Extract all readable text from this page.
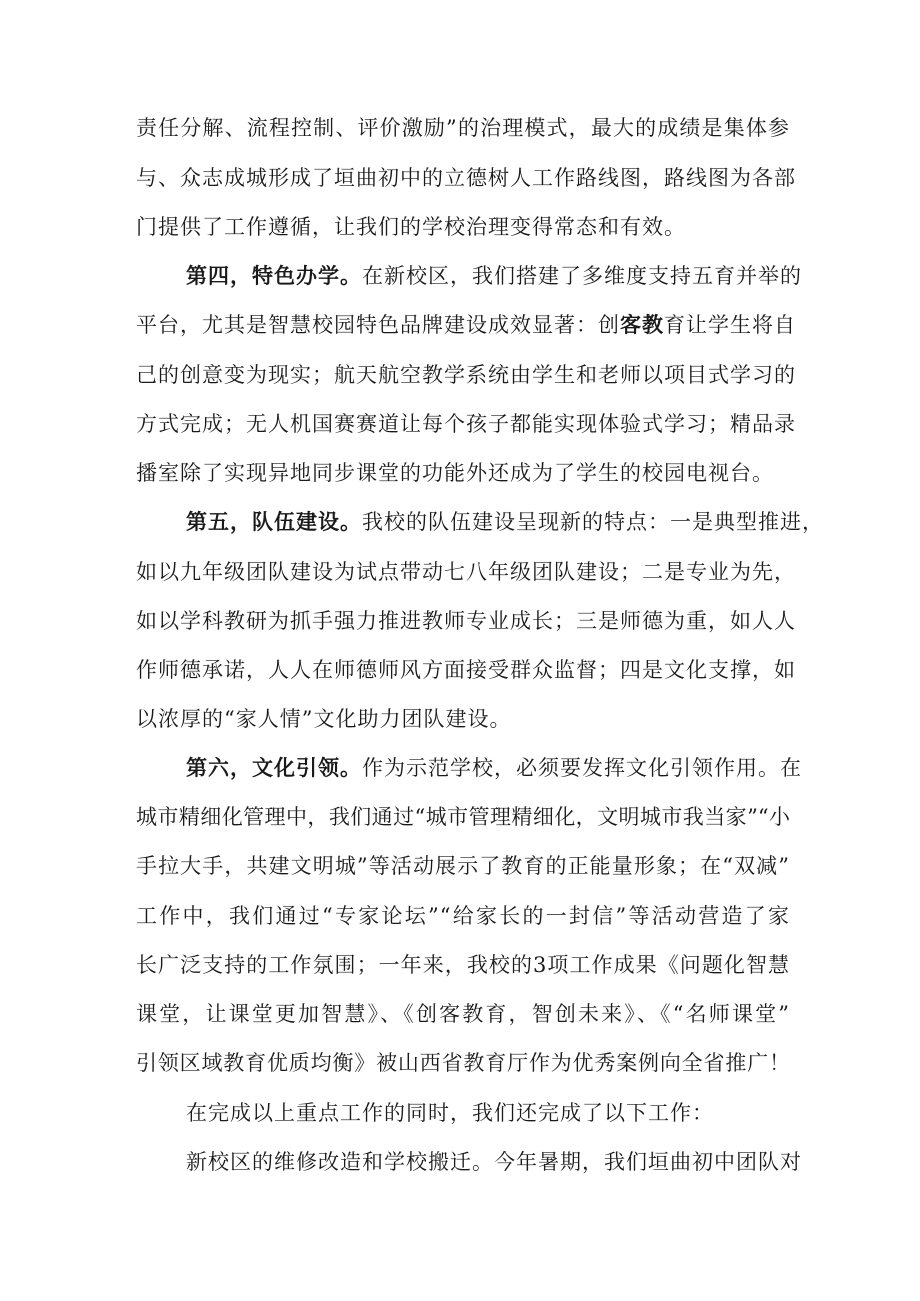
责任分解、流程控制、评价激励”的治理模式，最大的成绩是集体参
与、众志成城形成了垣曲初中的立德树人工作路线图，路线图为各部
门提供了工作遵循，让我们的学校治理变得常态和有效。
第四，特色办学。在新校区，我们搭建了多维度支持五育并举的
平台，尤其是智慧校园特色品牌建设成效显著：创客教育让学生将自
己的创意变为现实；航天航空教学系统由学生和老师以项目式学习的
方式完成；无人机国赛赛道让每个孩子都能实现体验式学习；精品录
播室除了实现异地同步课堂的功能外还成为了学生的校园电视台。
第五，队伍建设。我校的队伍建设呈现新的特点：一是典型推进，
如以九年级团队建设为试点带动七八年级团队建设；二是专业为先，
如以学科教研为抓手强力推进教师专业成长；三是师德为重，如人人
作师德承诺，人人在师德师风方面接受群众监督；四是文化支撑，如
以浓厚的“家人情”文化助力团队建设。
第六，文化引领。作为示范学校，必须要发挥文化引领作用。在
城市精细化管理中，我们通过“城市管理精细化，文明城市我当家”“小
手拉大手，共建文明城”等活动展示了教育的正能量形象；在“双减”
工作中，我们通过“专家论坛”“给家长的一封信”等活动营造了家
长广泛支持的工作氛围；一年来，我校的3项工作成果《问题化智慧
课堂，让课堂更加智慧》、《创客教育，智创未来》、《“名师课堂”
引领区域教育优质均衡》被山西省教育厅作为优秀案例向全省推广！
在完成以上重点工作的同时，我们还完成了以下工作：
新校区的维修改造和学校搬迁。今年暑期，我们垣曲初中团队对
